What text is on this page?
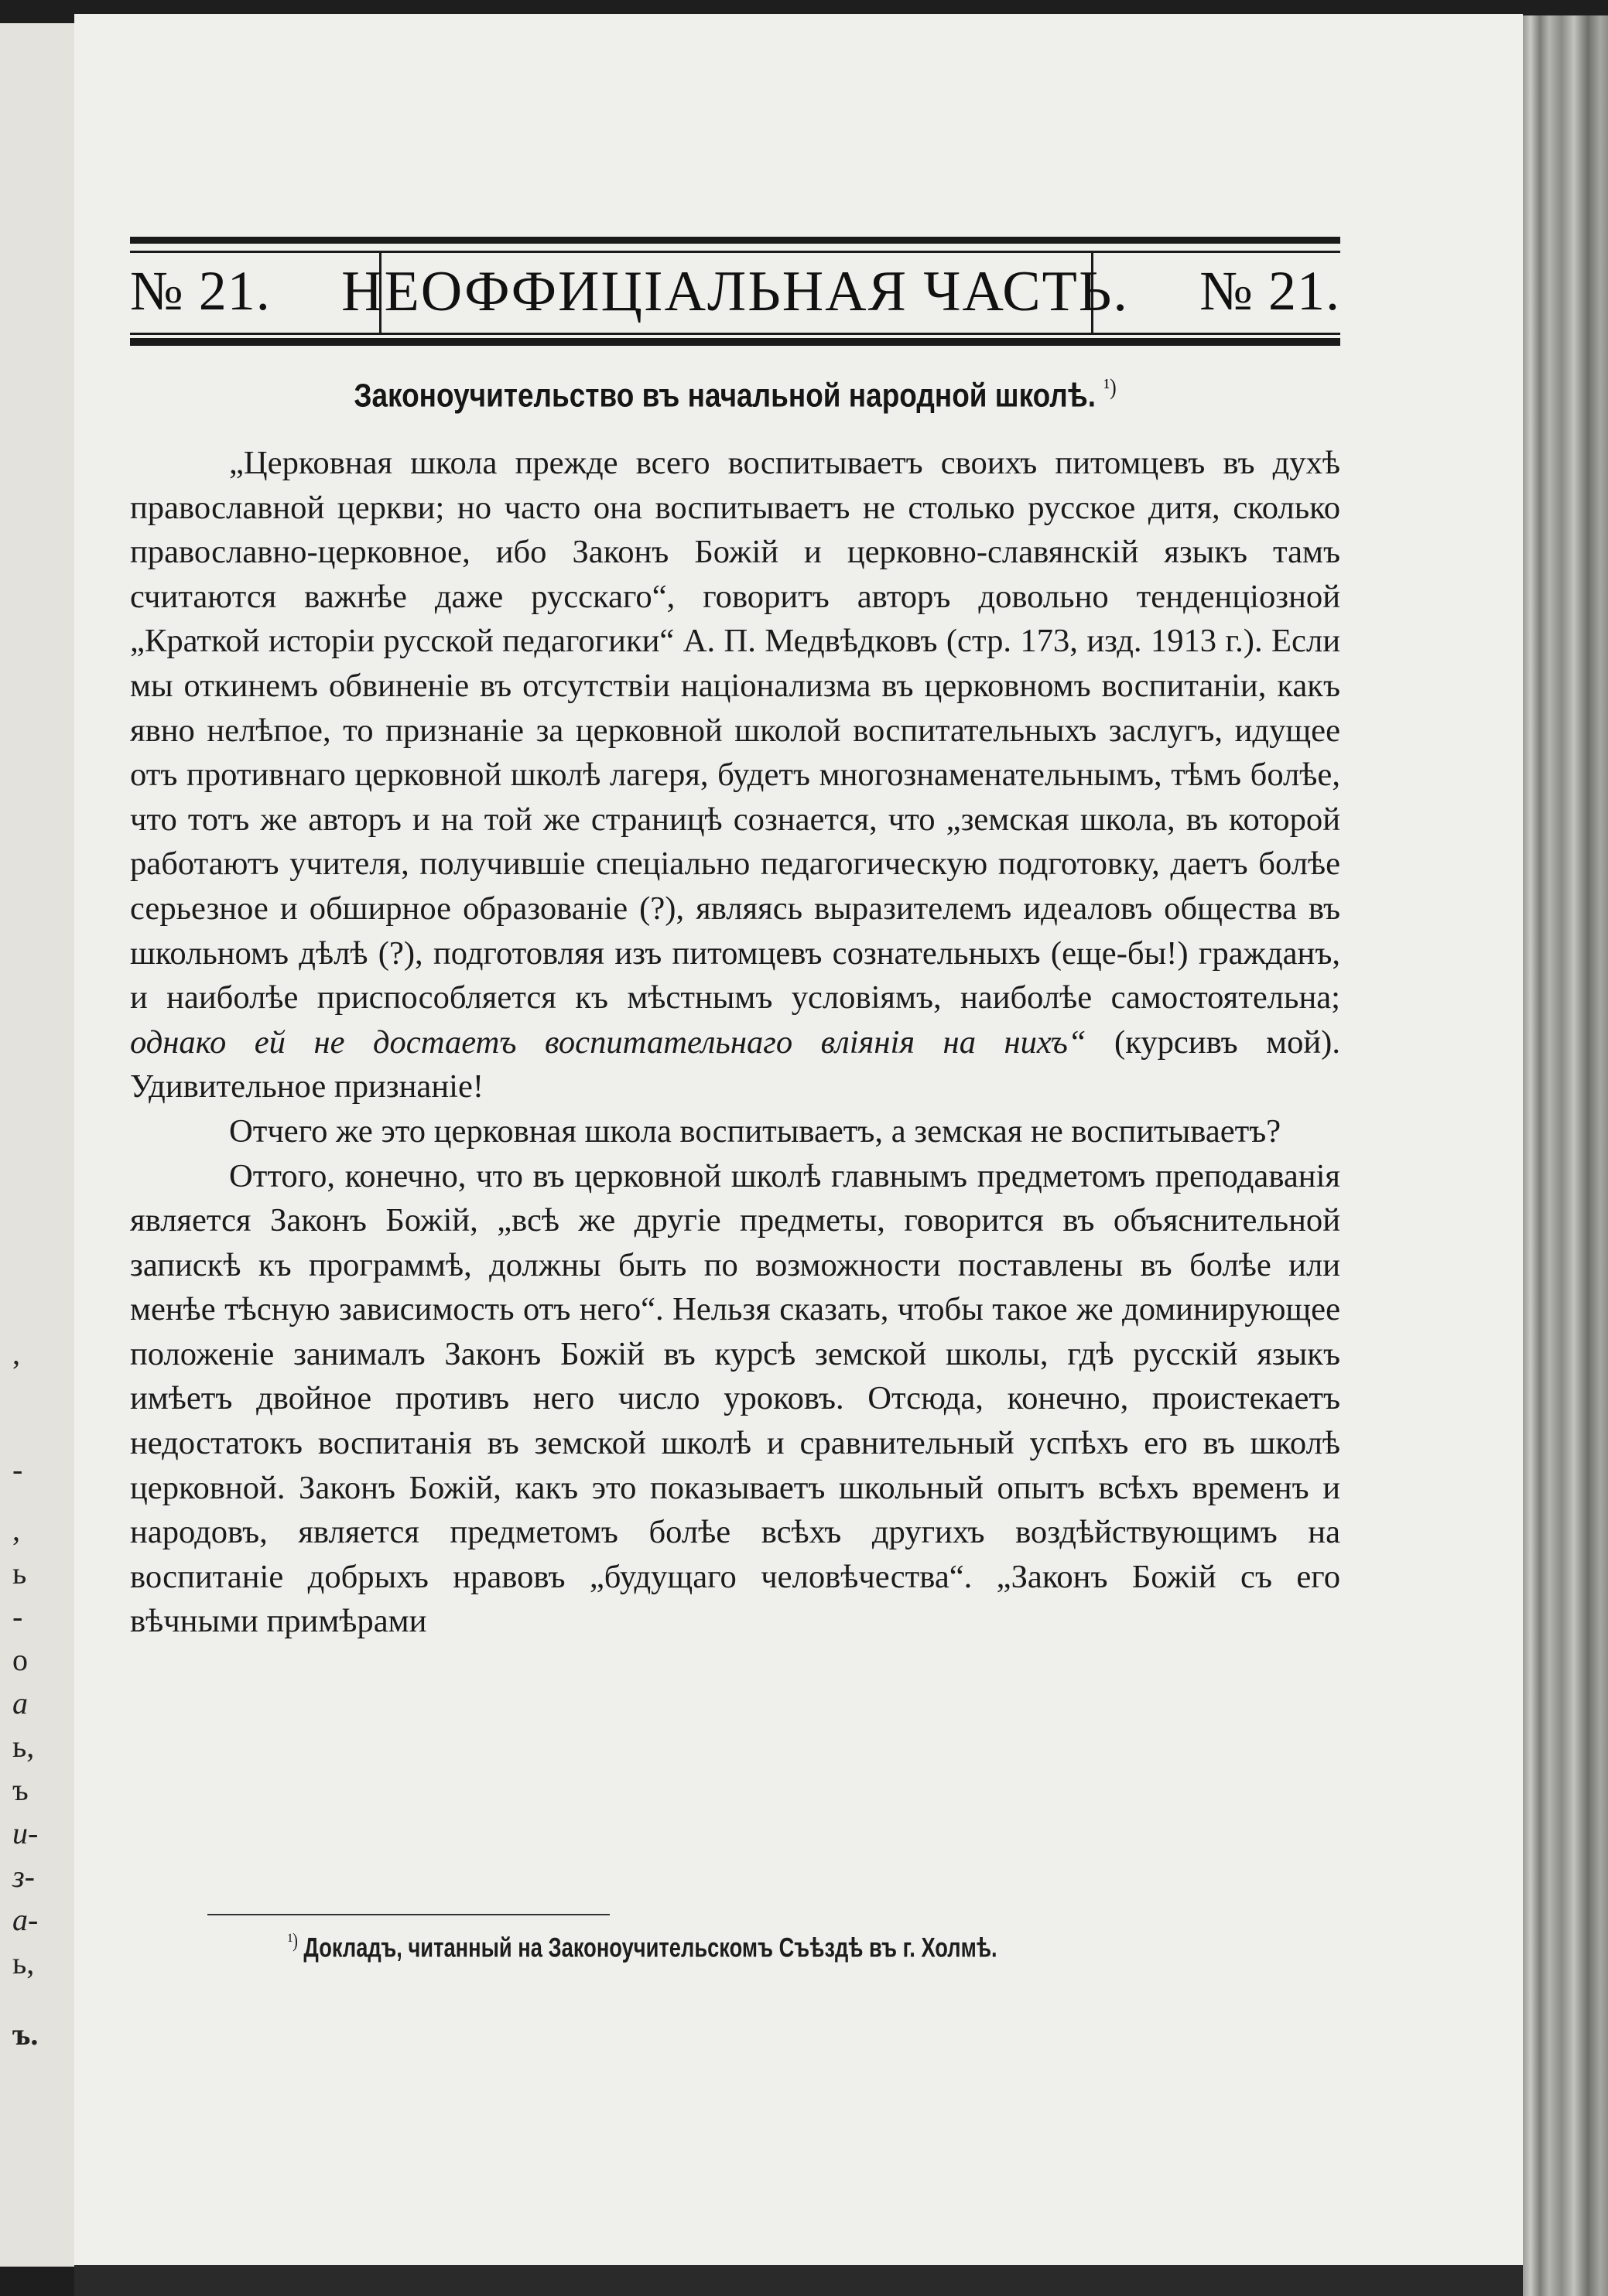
,
-
,
ь
-
о
а
ь,
ъ
и-
з-
а-
ь,
ъ.
№ 21.	НЕОФФИЦІАЛЬНАЯ ЧАСТЬ.	№ 21.
Законоучительство въ начальной народной школѣ. $^{^1)}$

„Церковная школа прежде всего воспитываетъ своихъ питомцевъ въ духѣ православной церкви; но часто она воспитываетъ не столько русское дитя, сколько православно-церковное, ибо Законъ Божій и церковно-славянскій языкъ тамъ считаются важнѣе даже русскаго“, говоритъ авторъ довольно тенденціозной „Краткой исторіи русской педагогики“ А. П. Медвѣдковъ (стр. 173, изд. 1913 г.). Если мы откинемъ обвиненіе въ отсутствіи націонализма въ церковномъ воспитаніи, какъ явно нелѣпое, то признаніе за церковной школой воспитательныхъ заслугъ, идущее отъ противнаго церковной школѣ лагеря, будетъ многознаменательнымъ, тѣмъ болѣе, что тотъ же авторъ и на той же страницѣ сознается, что „земская школа, въ которой работаютъ учителя, получившіе спеціально педагогическую подготовку, даетъ болѣе серьезное и обширное образованіе (?), являясь выразителемъ идеаловъ общества въ школьномъ дѣлѣ (?), подготовляя изъ питомцевъ сознательныхъ (еще-бы!) гражданъ, и наиболѣе приспособляется къ мѣстнымъ условіямъ, наиболѣе самостоятельна; однако ей не достаетъ воспитательнаго вліянія на нихъ“ (курсивъ мой). Удивительное признаніе!

Отчего же это церковная школа воспитываетъ, а земская не воспитываетъ?

Оттого, конечно, что въ церковной школѣ главнымъ предметомъ преподаванія является Законъ Божій, „всѣ же другіе предметы, говорится въ объяснительной запискѣ къ программѣ, должны быть по возможности поставлены въ болѣе или менѣе тѣсную зависимость отъ него“. Нельзя сказать, чтобы такое же доминирующее положеніе занималъ Законъ Божій въ курсѣ земской школы, гдѣ русскій языкъ имѣетъ двойное противъ него число уроковъ. Отсюда, конечно, проистекаетъ недостатокъ воспитанія въ земской школѣ и сравнительный успѣхъ его въ школѣ церковной. Законъ Божій, какъ это показываетъ школьный опытъ всѣхъ временъ и народовъ, является предметомъ болѣе всѣхъ другихъ воздѣйствующимъ на воспитаніе добрыхъ нравовъ „будущаго человѣчества“. „Законъ Божій съ его вѣчными примѣрами

$^{^1)}$ Докладъ, читанный на Законоучительскомъ Съѣздѣ въ г. Холмѣ.
